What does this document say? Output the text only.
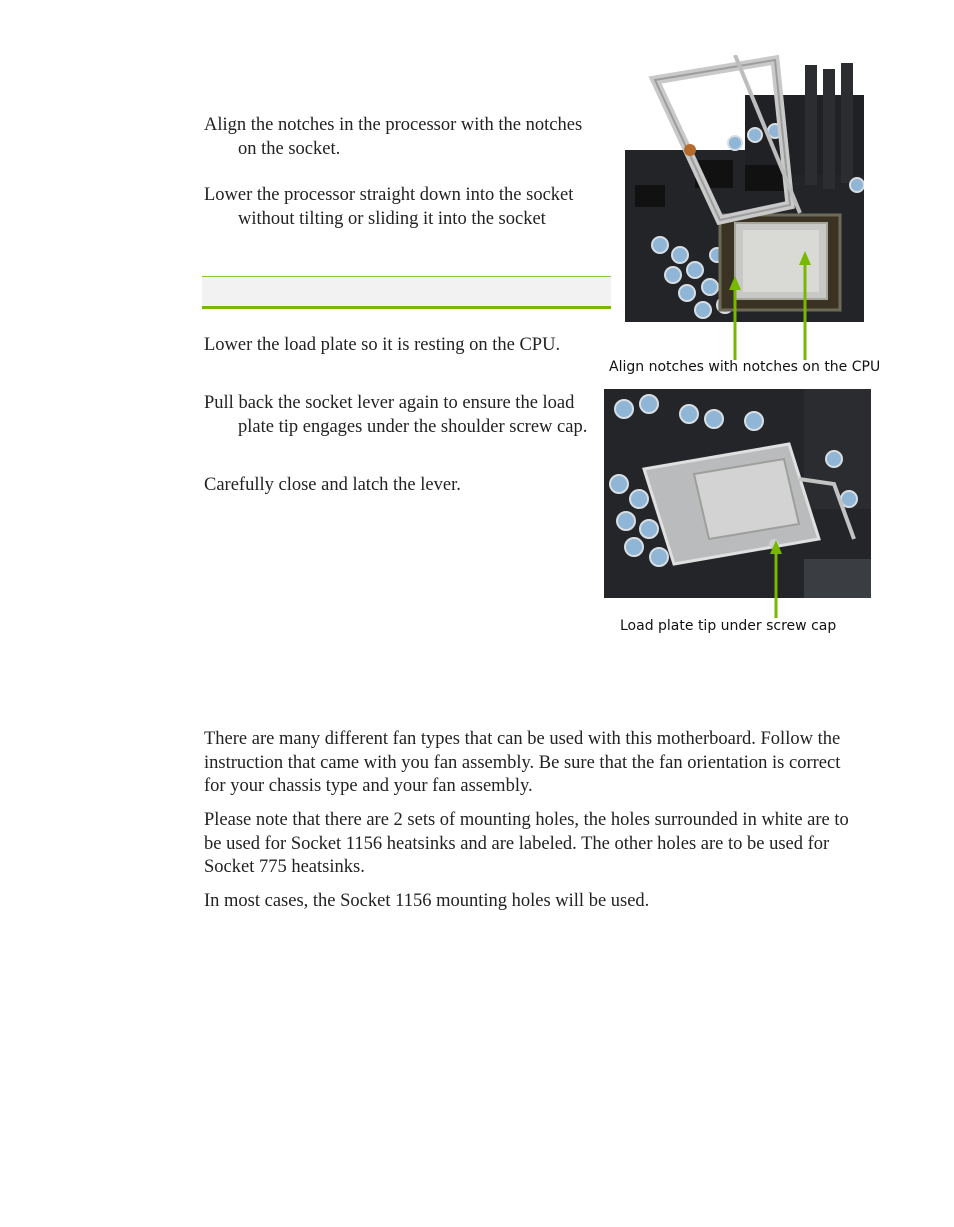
Align the notches in the processor with the notches on the socket.

Lower the processor straight down into the socket without tilting or sliding it into the socket

Lower the load plate so it is resting on the CPU.

Pull back the socket lever again to ensure the load plate tip engages under the shoulder screw cap.

Carefully close and latch the lever.

Align notches with notches on the CPU
Load plate tip under screw cap

There are many different fan types that can be used with this motherboard. Follow the instruction that came with you fan assembly. Be sure that the fan orientation is correct for your chassis type and your fan assembly.

Please note that there are 2 sets of mounting holes, the holes surrounded in white are to be used for Socket 1156 heatsinks and are labeled. The other holes are to be used for Socket 775 heatsinks.

In most cases, the Socket 1156 mounting holes will be used.
